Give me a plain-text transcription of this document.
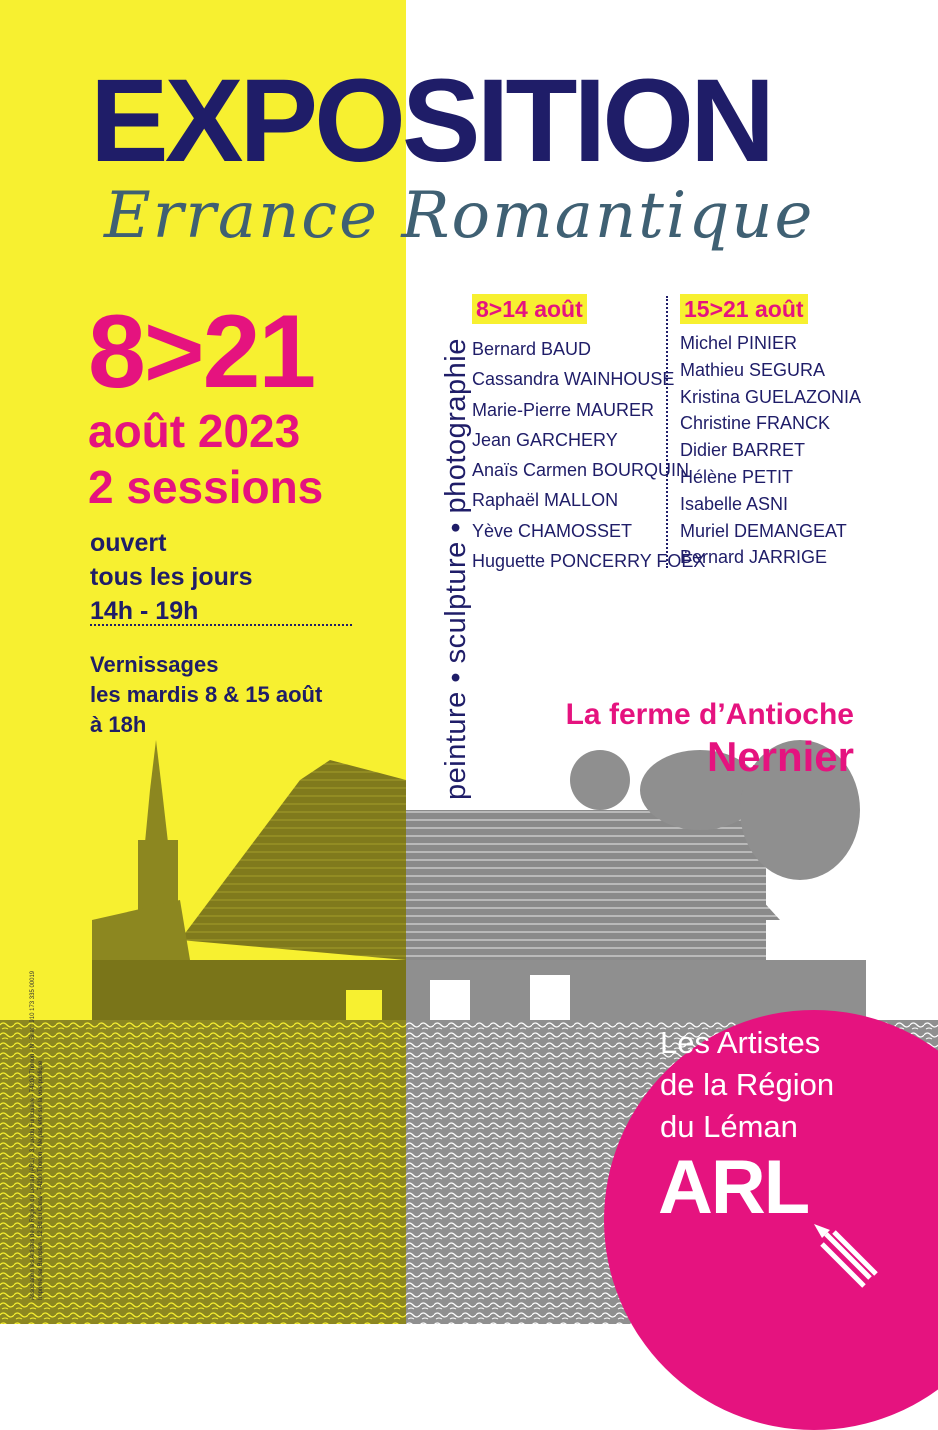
EXPOSITION
Errance Romantique
8>21
août 2023
2 sessions
ouvert
tous les jours
14h - 19h
Vernissages
les mardis 8 & 15 août
à 18h	peinture • sculpture • photographie
8>14 août
Bernard BAUD
Cassandra WAINHOUSE
Marie-Pierre MAURER
Jean GARCHERY
Anaïs Carmen BOURQUIN
Raphaël MALLON
Yève CHAMOSSET
Huguette PONCERRY FOËX
15>21 août
Michel PINIER
Mathieu SEGURA
Kristina GUELAZONIA
Christine FRANCK
Didier BARRET
Hélène PETIT
Isabelle ASNI
Muriel DEMANGEAT
Bernard JARRIGE
La ferme d’Antioche
Nernier
Les Artistes
de la Région
du Léman
ARL
Association les Artistes de la Région du Léman (ARL) - 3, rue du Funiculaire - 74200 Thonon - N° Siret : 910 173 335 00019 Imprimé par Buroplan - 12 Bd du Canal - 74200 Thonon - Ne pas jeter sur la voie publique
